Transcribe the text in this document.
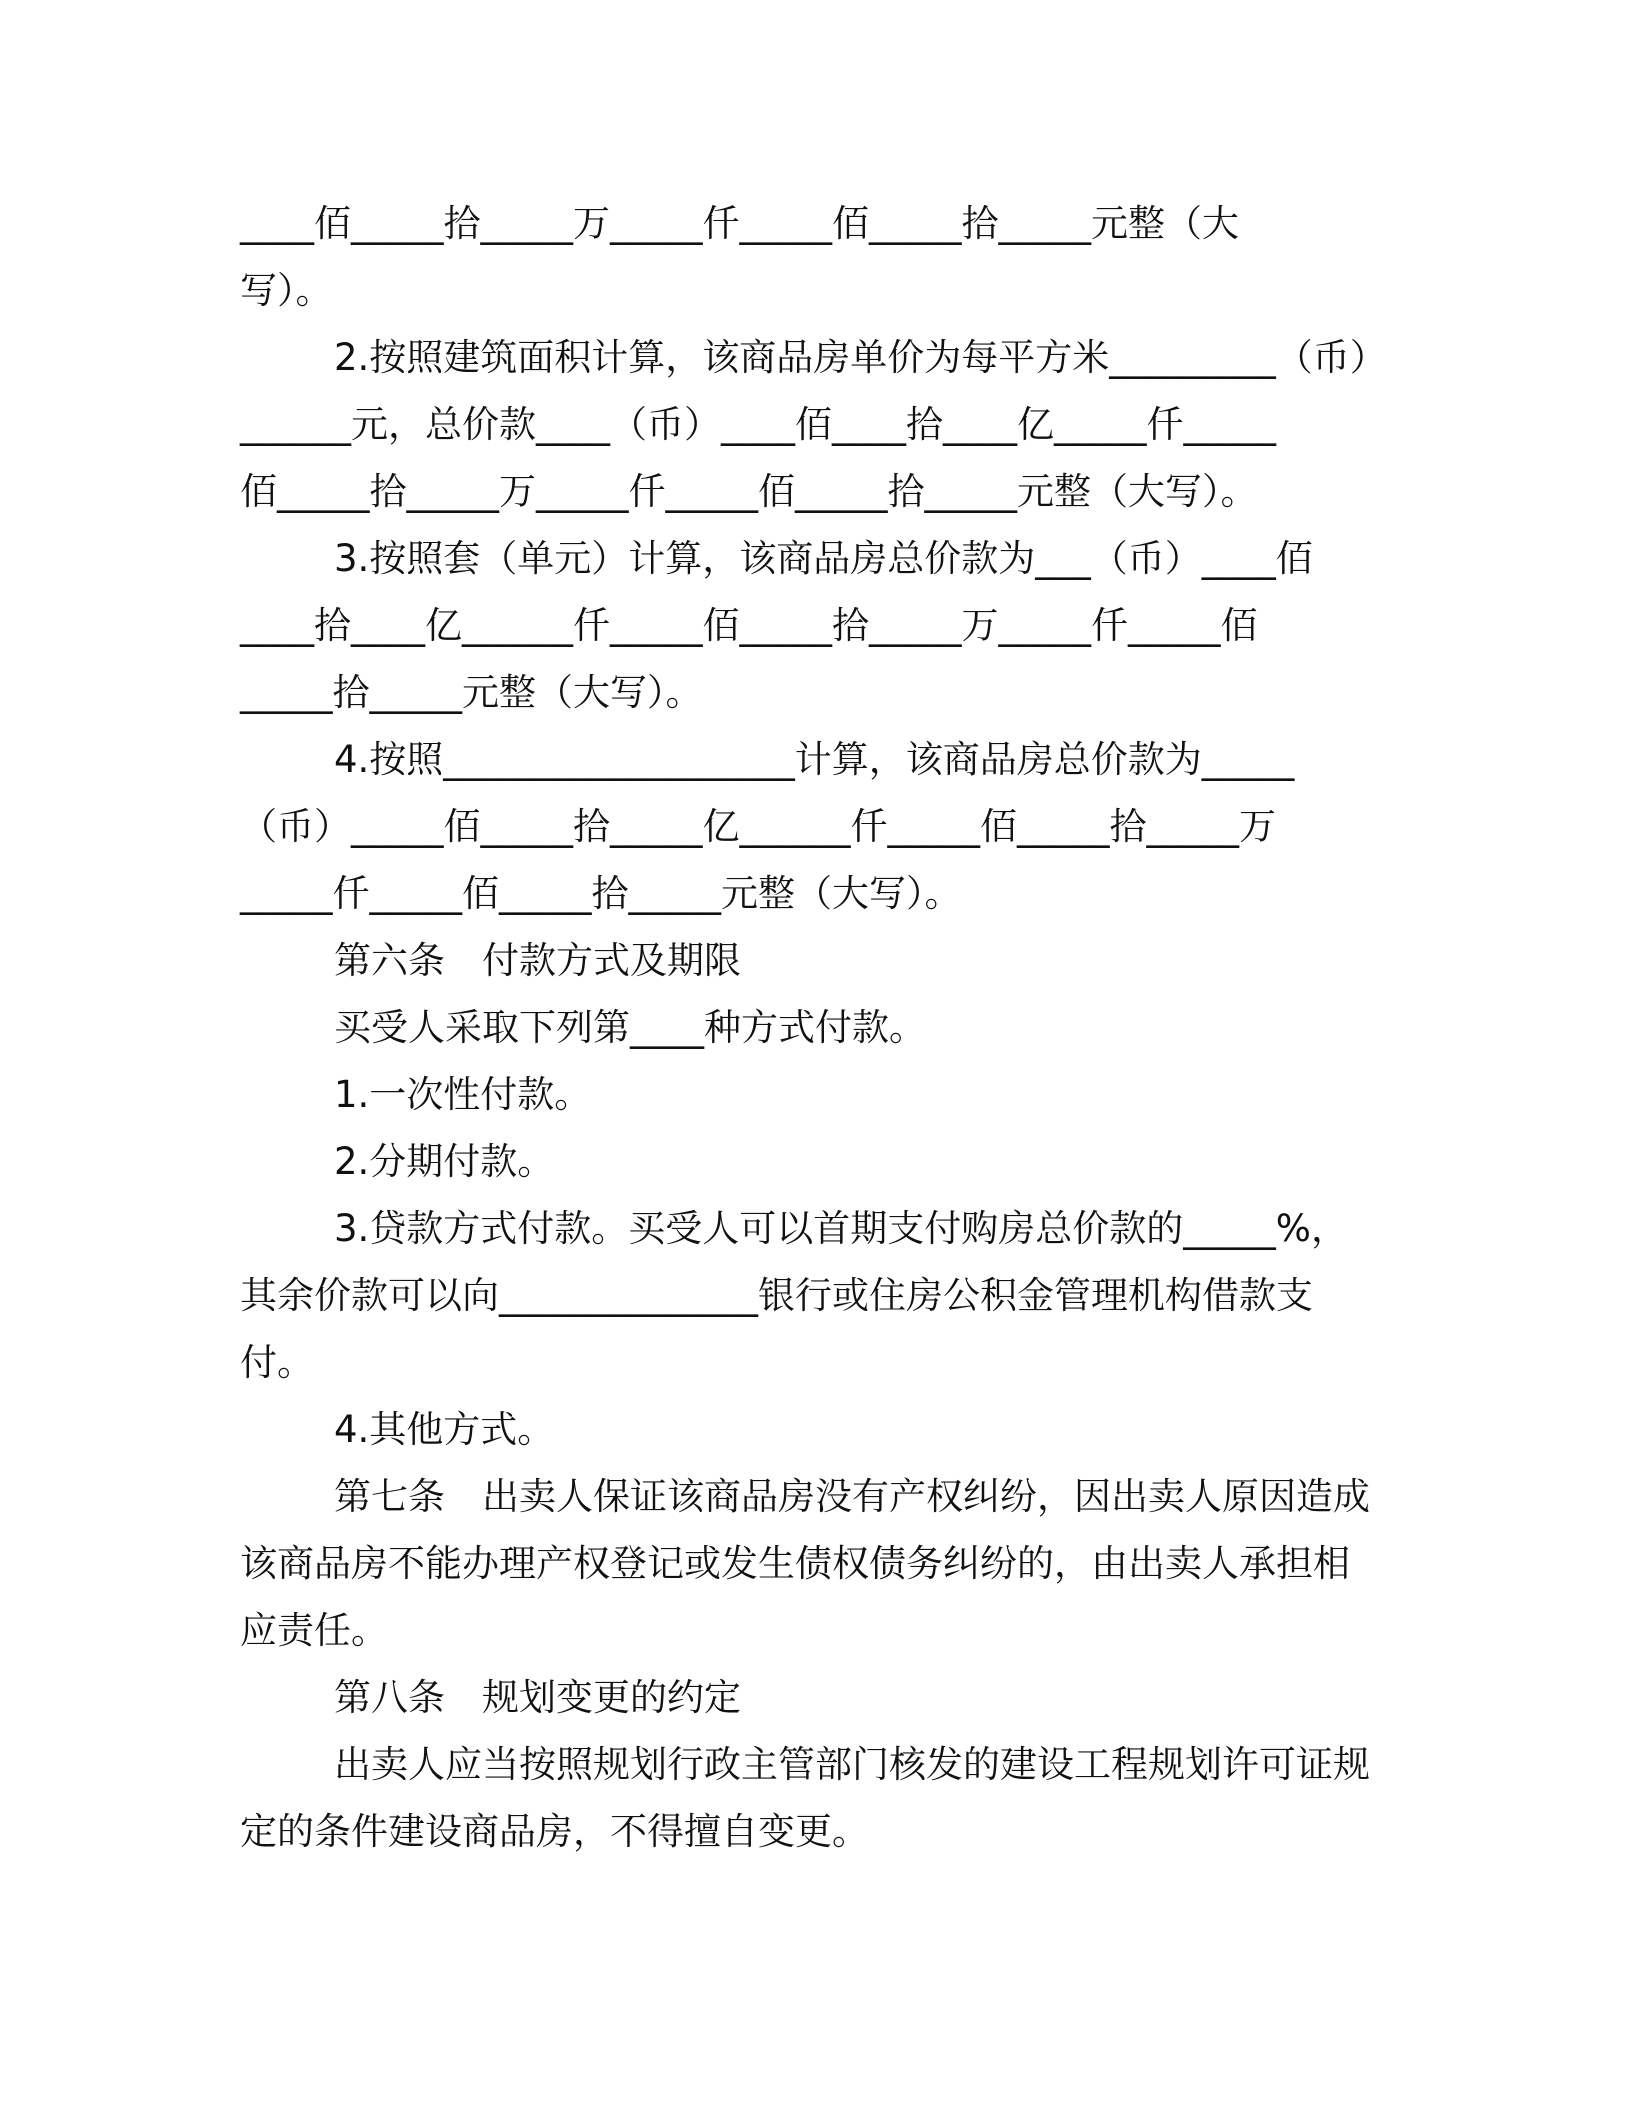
____佰_____拾_____万_____仟_____佰_____拾_____元整（大
写）。
2.按照建筑面积计算，该商品房单价为每平方米_________（币）
______元，总价款____（币）____佰____拾____亿_____仟_____
佰_____拾_____万_____仟_____佰_____拾_____元整（大写）。
3.按照套（单元）计算，该商品房总价款为___（币）____佰
____拾____亿______仟_____佰_____拾_____万_____仟_____佰
_____拾_____元整（大写）。
4.按照___________________计算，该商品房总价款为_____
（币）_____佰_____拾_____亿______仟_____佰_____拾_____万
_____仟_____佰_____拾_____元整（大写）。
第六条　付款方式及期限
买受人采取下列第____种方式付款。
1.一次性付款。
2.分期付款。
3.贷款方式付款。买受人可以首期支付购房总价款的_____%，
其余价款可以向______________银行或住房公积金管理机构借款支
付。
4.其他方式。
第七条　出卖人保证该商品房没有产权纠纷，因出卖人原因造成
该商品房不能办理产权登记或发生债权债务纠纷的，由出卖人承担相
应责任。
第八条　规划变更的约定
出卖人应当按照规划行政主管部门核发的建设工程规划许可证规
定的条件建设商品房，不得擅自变更。
